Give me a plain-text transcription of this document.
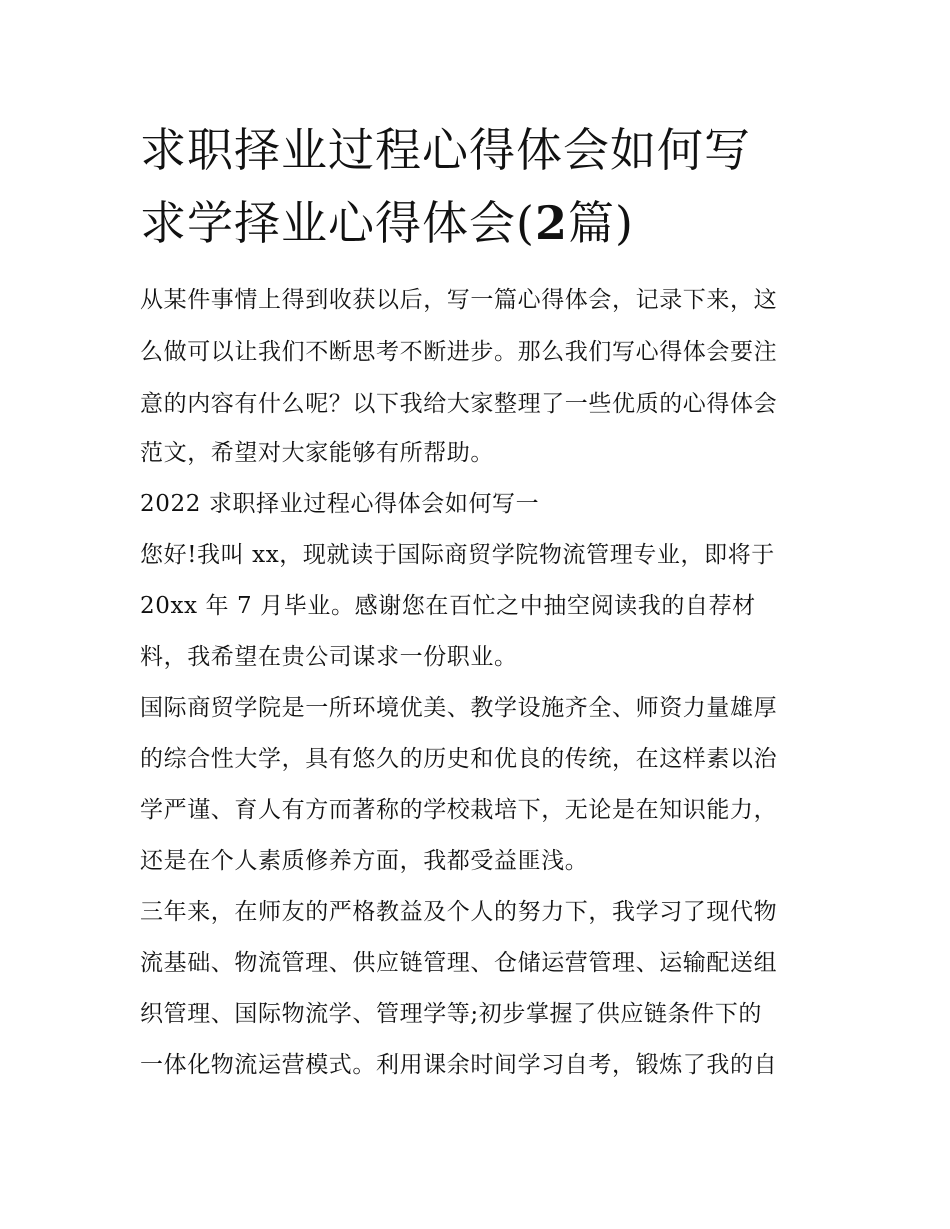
求职择业过程心得体会如何写
求学择业心得体会(2篇)
从某件事情上得到收获以后，写一篇心得体会，记录下来，这
么做可以让我们不断思考不断进步。那么我们写心得体会要注
意的内容有什么呢？以下我给大家整理了一些优质的心得体会
范文，希望对大家能够有所帮助。
2022 求职择业过程心得体会如何写一
您好!我叫 xx，现就读于国际商贸学院物流管理专业，即将于
20xx 年 7 月毕业。感谢您在百忙之中抽空阅读我的自荐材
料，我希望在贵公司谋求一份职业。
国际商贸学院是一所环境优美、教学设施齐全、师资力量雄厚
的综合性大学，具有悠久的历史和优良的传统，在这样素以治
学严谨、育人有方而著称的学校栽培下，无论是在知识能力，
还是在个人素质修养方面，我都受益匪浅。
三年来，在师友的严格教益及个人的努力下，我学习了现代物
流基础、物流管理、供应链管理、仓储运营管理、运输配送组
织管理、国际物流学、管理学等;初步掌握了供应链条件下的
一体化物流运营模式。利用课余时间学习自考，锻炼了我的自
